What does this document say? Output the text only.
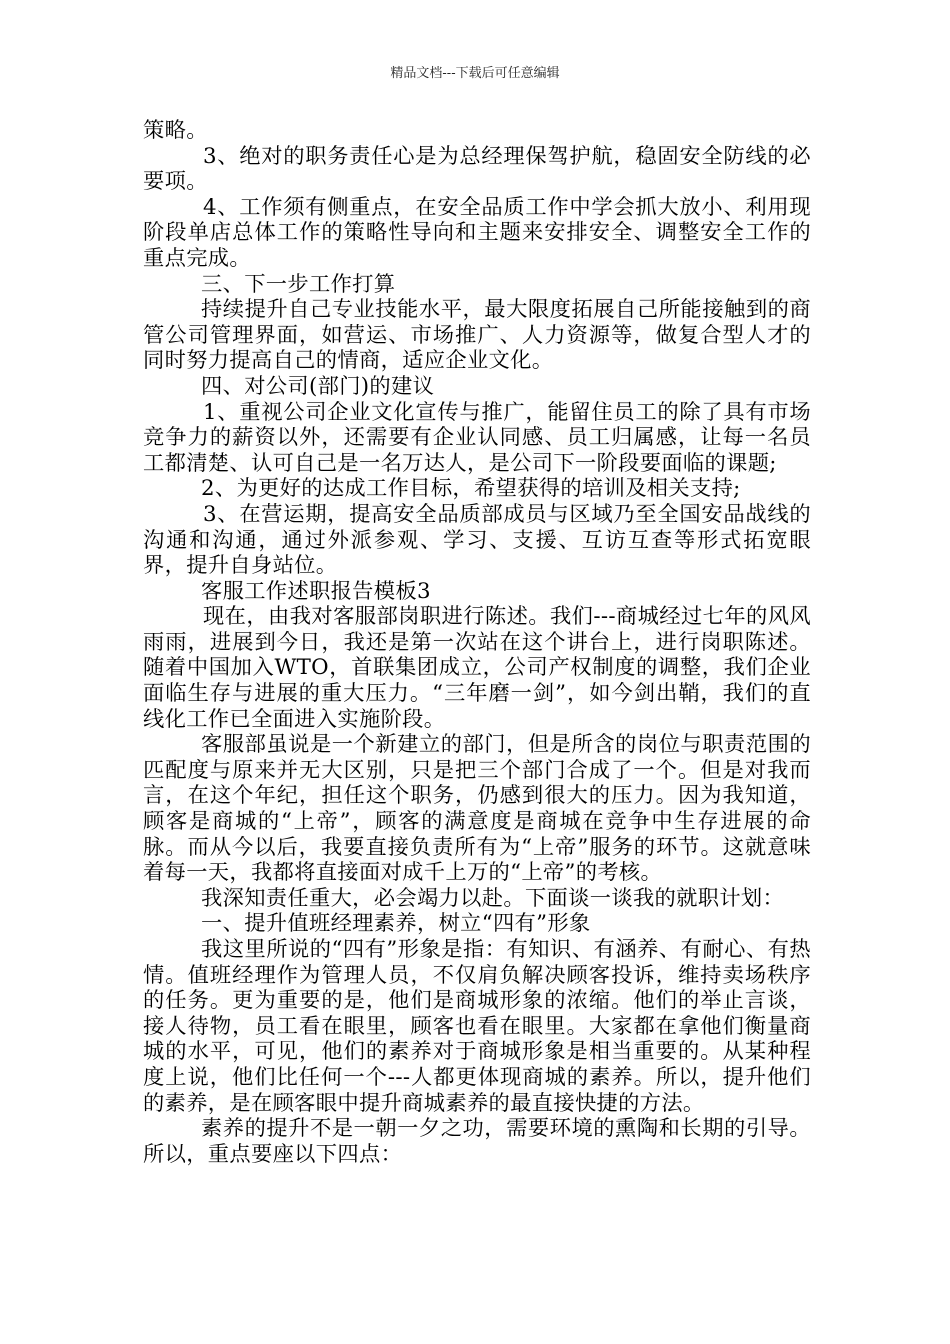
精品文档---下载后可任意编辑

策略。

3、绝对的职务责任心是为总经理保驾护航，稳固安全防线的必要项。

4、工作须有侧重点，在安全品质工作中学会抓大放小、利用现阶段单店总体工作的策略性导向和主题来安排安全、调整安全工作的重点完成。

三、下一步工作打算

持续提升自己专业技能水平，最大限度拓展自己所能接触到的商管公司管理界面，如营运、市场推广、人力资源等，做复合型人才的同时努力提高自己的情商，适应企业文化。

四、对公司(部门)的建议

1、重视公司企业文化宣传与推广，能留住员工的除了具有市场竞争力的薪资以外，还需要有企业认同感、员工归属感，让每一名员工都清楚、认可自己是一名万达人，是公司下一阶段要面临的课题;

2、为更好的达成工作目标，希望获得的培训及相关支持;

3、在营运期，提高安全品质部成员与区域乃至全国安品战线的沟通和沟通，通过外派参观、学习、支援、互访互查等形式拓宽眼界，提升自身站位。

客服工作述职报告模板3

现在，由我对客服部岗职进行陈述。我们---商城经过七年的风风雨雨，进展到今日，我还是第一次站在这个讲台上，进行岗职陈述。随着中国加入WTO，首联集团成立，公司产权制度的调整，我们企业面临生存与进展的重大压力。“三年磨一剑”，如今剑出鞘，我们的直线化工作已全面进入实施阶段。

客服部虽说是一个新建立的部门，但是所含的岗位与职责范围的匹配度与原来并无大区别，只是把三个部门合成了一个。但是对我而言，在这个年纪，担任这个职务，仍感到很大的压力。因为我知道，顾客是商城的“上帝”，顾客的满意度是商城在竞争中生存进展的命脉。而从今以后，我要直接负责所有为“上帝”服务的环节。这就意味着每一天，我都将直接面对成千上万的“上帝”的考核。

我深知责任重大，必会竭力以赴。下面谈一谈我的就职计划：

一、提升值班经理素养，树立“四有”形象

我这里所说的“四有”形象是指：有知识、有涵养、有耐心、有热情。值班经理作为管理人员，不仅肩负解决顾客投诉，维持卖场秩序的任务。更为重要的是，他们是商城形象的浓缩。他们的举止言谈，接人待物，员工看在眼里，顾客也看在眼里。大家都在拿他们衡量商城的水平，可见，他们的素养对于商城形象是相当重要的。从某种程度上说，他们比任何一个---人都更体现商城的素养。所以，提升他们的素养，是在顾客眼中提升商城素养的最直接快捷的方法。

素养的提升不是一朝一夕之功，需要环境的熏陶和长期的引导。所以，重点要座以下四点：
